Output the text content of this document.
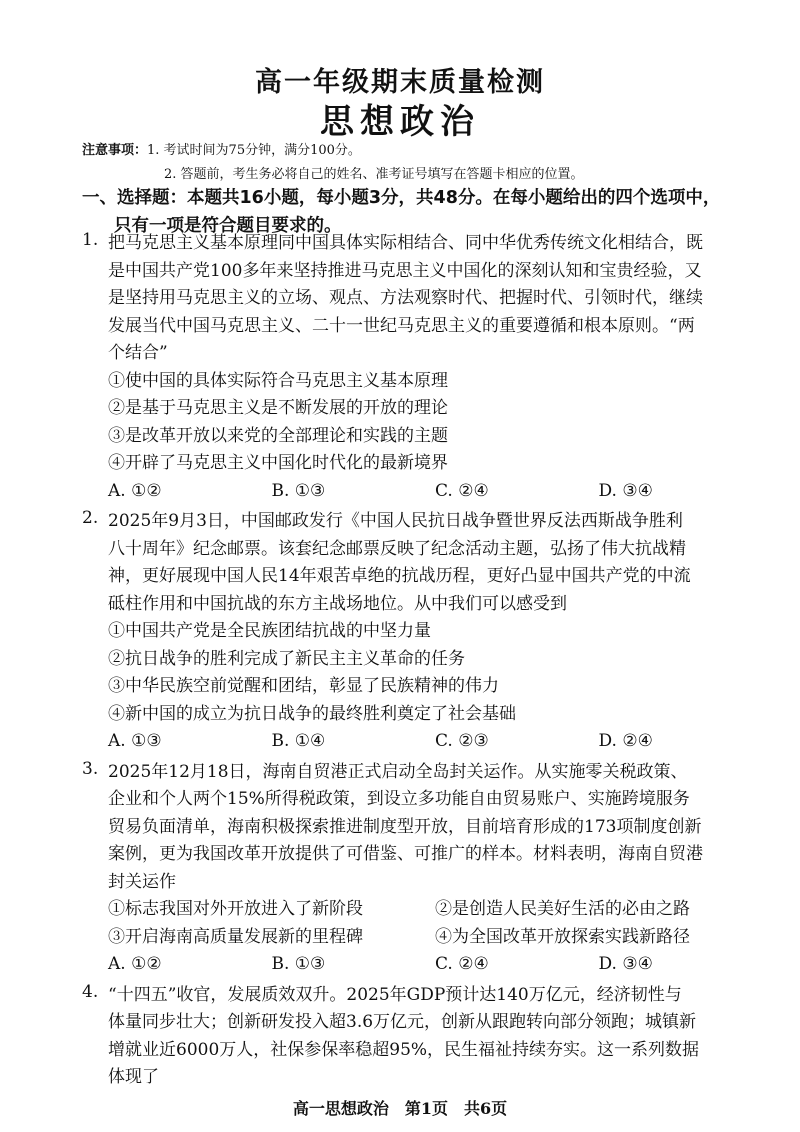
高一年级期末质量检测
思想政治
注意事项：1. 考试时间为75分钟，满分100分。
2. 答题前，考生务必将自己的姓名、准考证号填写在答题卡相应的位置。
一、选择题：本题共16小题，每小题3分，共48分。在每小题给出的四个选项中，
只有一项是符合题目要求的。
1. 把马克思主义基本原理同中国具体实际相结合、同中华优秀传统文化相结合，既
是中国共产党100多年来坚持推进马克思主义中国化的深刻认知和宝贵经验，又
是坚持用马克思主义的立场、观点、方法观察时代、把握时代、引领时代，继续
发展当代中国马克思主义、二十一世纪马克思主义的重要遵循和根本原则。“两
个结合”
①使中国的具体实际符合马克思主义基本原理
②是基于马克思主义是不断发展的开放的理论
③是改革开放以来党的全部理论和实践的主题
④开辟了马克思主义中国化时代化的最新境界
A. ①②	B. ①③	C. ②④	D. ③④
2. 2025年9月3日，中国邮政发行《中国人民抗日战争暨世界反法西斯战争胜利
八十周年》纪念邮票。该套纪念邮票反映了纪念活动主题，弘扬了伟大抗战精
神，更好展现中国人民14年艰苦卓绝的抗战历程，更好凸显中国共产党的中流
砥柱作用和中国抗战的东方主战场地位。从中我们可以感受到
①中国共产党是全民族团结抗战的中坚力量
②抗日战争的胜利完成了新民主主义革命的任务
③中华民族空前觉醒和团结，彰显了民族精神的伟力
④新中国的成立为抗日战争的最终胜利奠定了社会基础
A. ①③	B. ①④	C. ②③	D. ②④
3. 2025年12月18日，海南自贸港正式启动全岛封关运作。从实施零关税政策、
企业和个人两个15%所得税政策，到设立多功能自由贸易账户、实施跨境服务
贸易负面清单，海南积极探索推进制度型开放，目前培育形成的173项制度创新
案例，更为我国改革开放提供了可借鉴、可推广的样本。材料表明，海南自贸港
封关运作
①标志我国对外开放进入了新阶段	②是创造人民美好生活的必由之路
③开启海南高质量发展新的里程碑	④为全国改革开放探索实践新路径
A. ①②	B. ①③	C. ②④	D. ③④
4. “十四五”收官，发展质效双升。2025年GDP预计达140万亿元，经济韧性与
体量同步壮大；创新研发投入超3.6万亿元，创新从跟跑转向部分领跑；城镇新
增就业近6000万人，社保参保率稳超95%，民生福祉持续夯实。这一系列数据
体现了
高一思想政治　第1页　共6页
